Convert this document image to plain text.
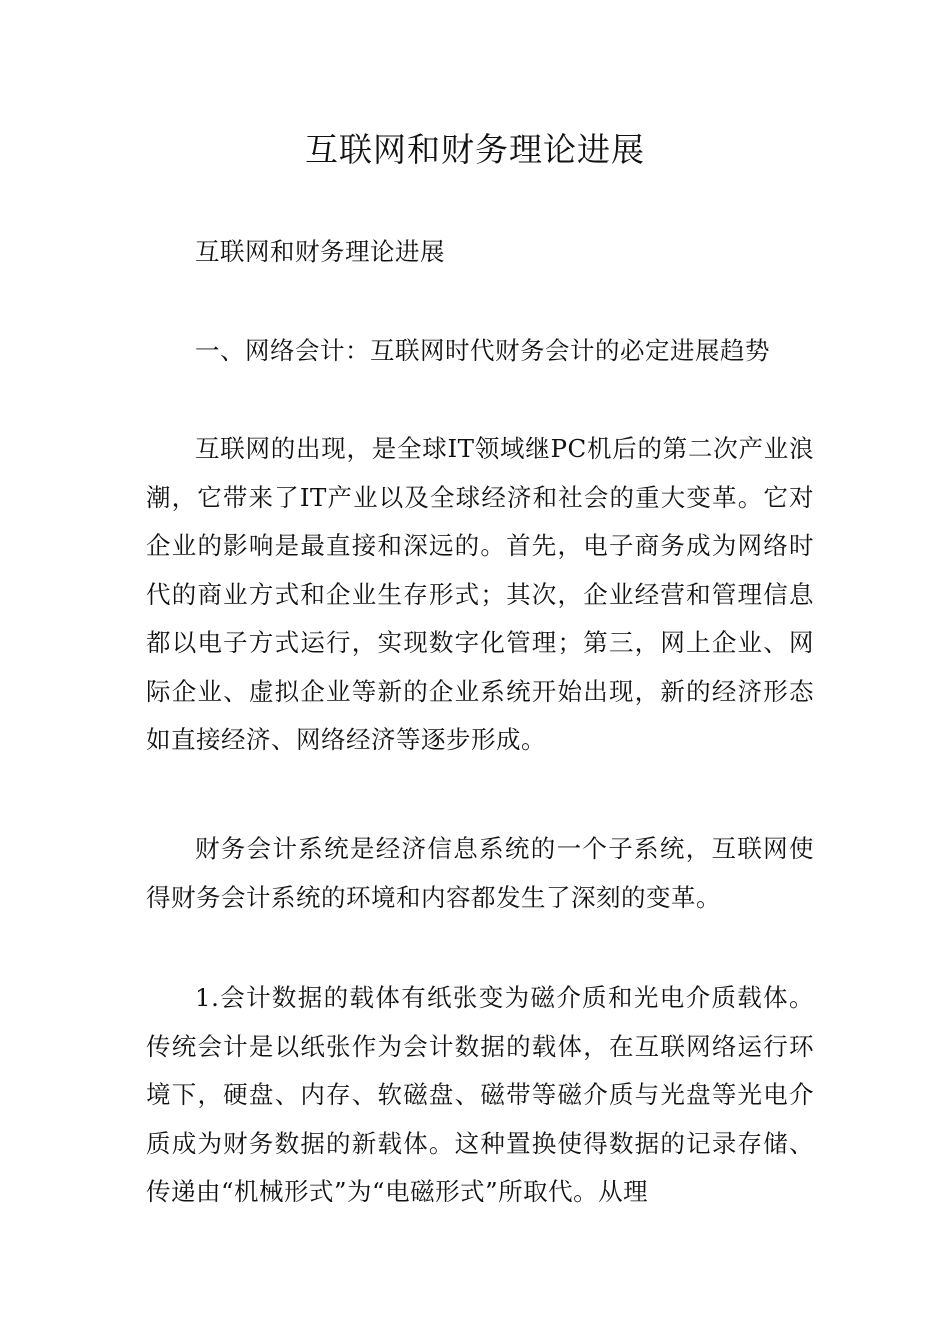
互联网和财务理论进展

互联网和财务理论进展

一、网络会计：互联网时代财务会计的必定进展趋势

互联网的出现，是全球IT领域继PC机后的第二次产业浪潮，它带来了IT产业以及全球经济和社会的重大变革。它对企业的影响是最直接和深远的。首先，电子商务成为网络时代的商业方式和企业生存形式；其次，企业经营和管理信息都以电子方式运行，实现数字化管理；第三，网上企业、网际企业、虚拟企业等新的企业系统开始出现，新的经济形态如直接经济、网络经济等逐步形成。

财务会计系统是经济信息系统的一个子系统，互联网使得财务会计系统的环境和内容都发生了深刻的变革。

1.会计数据的载体有纸张变为磁介质和光电介质载体。传统会计是以纸张作为会计数据的载体，在互联网络运行环境下，硬盘、内存、软磁盘、磁带等磁介质与光盘等光电介质成为财务数据的新载体。这种置换使得数据的记录存储、传递由“机械形式”为“电磁形式”所取代。从理
